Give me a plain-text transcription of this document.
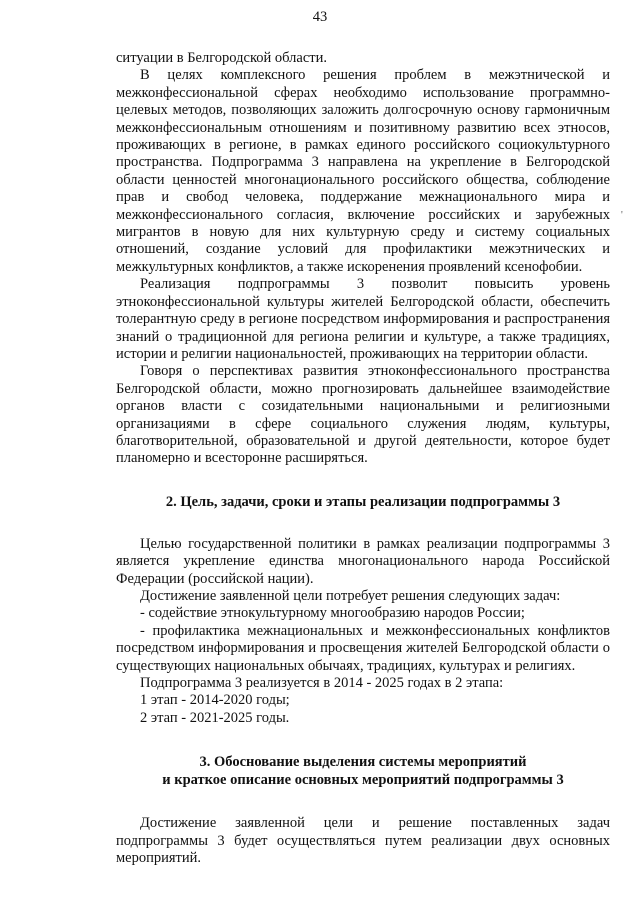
43
'

ситуации в Белгородской области.

В целях комплексного решения проблем в межэтнической и межконфессиональной сферах необходимо использование программно-целевых методов, позволяющих заложить долгосрочную основу гармоничным межконфессиональным отношениям и позитивному развитию всех этносов, проживающих в регионе, в рамках единого российского социокультурного пространства. Подпрограмма 3 направлена на укрепление в Белгородской области ценностей многонационального российского общества, соблюдение прав и свобод человека, поддержание межнационального мира и межконфессионального согласия, включение российских и зарубежных мигрантов в новую для них культурную среду и систему социальных отношений, создание условий для профилактики межэтнических и межкультурных конфликтов, а также искоренения проявлений ксенофобии.

Реализация подпрограммы 3 позволит повысить уровень этноконфессиональной культуры жителей Белгородской области, обеспечить толерантную среду в регионе посредством информирования и распространения знаний о традиционной для региона религии и культуре, а также традициях, истории и религии национальностей, проживающих на территории области.

Говоря о перспективах развития этноконфессионального пространства Белгородской области, можно прогнозировать дальнейшее взаимодействие органов власти с созидательными национальными и религиозными организациями в сфере социального служения людям, культуры, благотворительной, образовательной и другой деятельности, которое будет планомерно и всесторонне расширяться.

2. Цель, задачи, сроки и этапы реализации подпрограммы 3

Целью государственной политики в рамках реализации подпрограммы 3 является укрепление единства многонационального народа Российской Федерации (российской нации).

Достижение заявленной цели потребует решения следующих задач:

- содействие этнокультурному многообразию народов России;

- профилактика межнациональных и межконфессиональных конфликтов посредством информирования и просвещения жителей Белгородской области о существующих национальных обычаях, традициях, культурах и религиях.

Подпрограмма 3 реализуется в 2014 - 2025 годах в 2 этапа:

1 этап - 2014-2020 годы;

2 этап - 2021-2025 годы.

3. Обоснование выделения системы мероприятий
и краткое описание основных мероприятий подпрограммы 3

Достижение заявленной цели и решение поставленных задач подпрограммы 3 будет осуществляться путем реализации двух основных мероприятий.
